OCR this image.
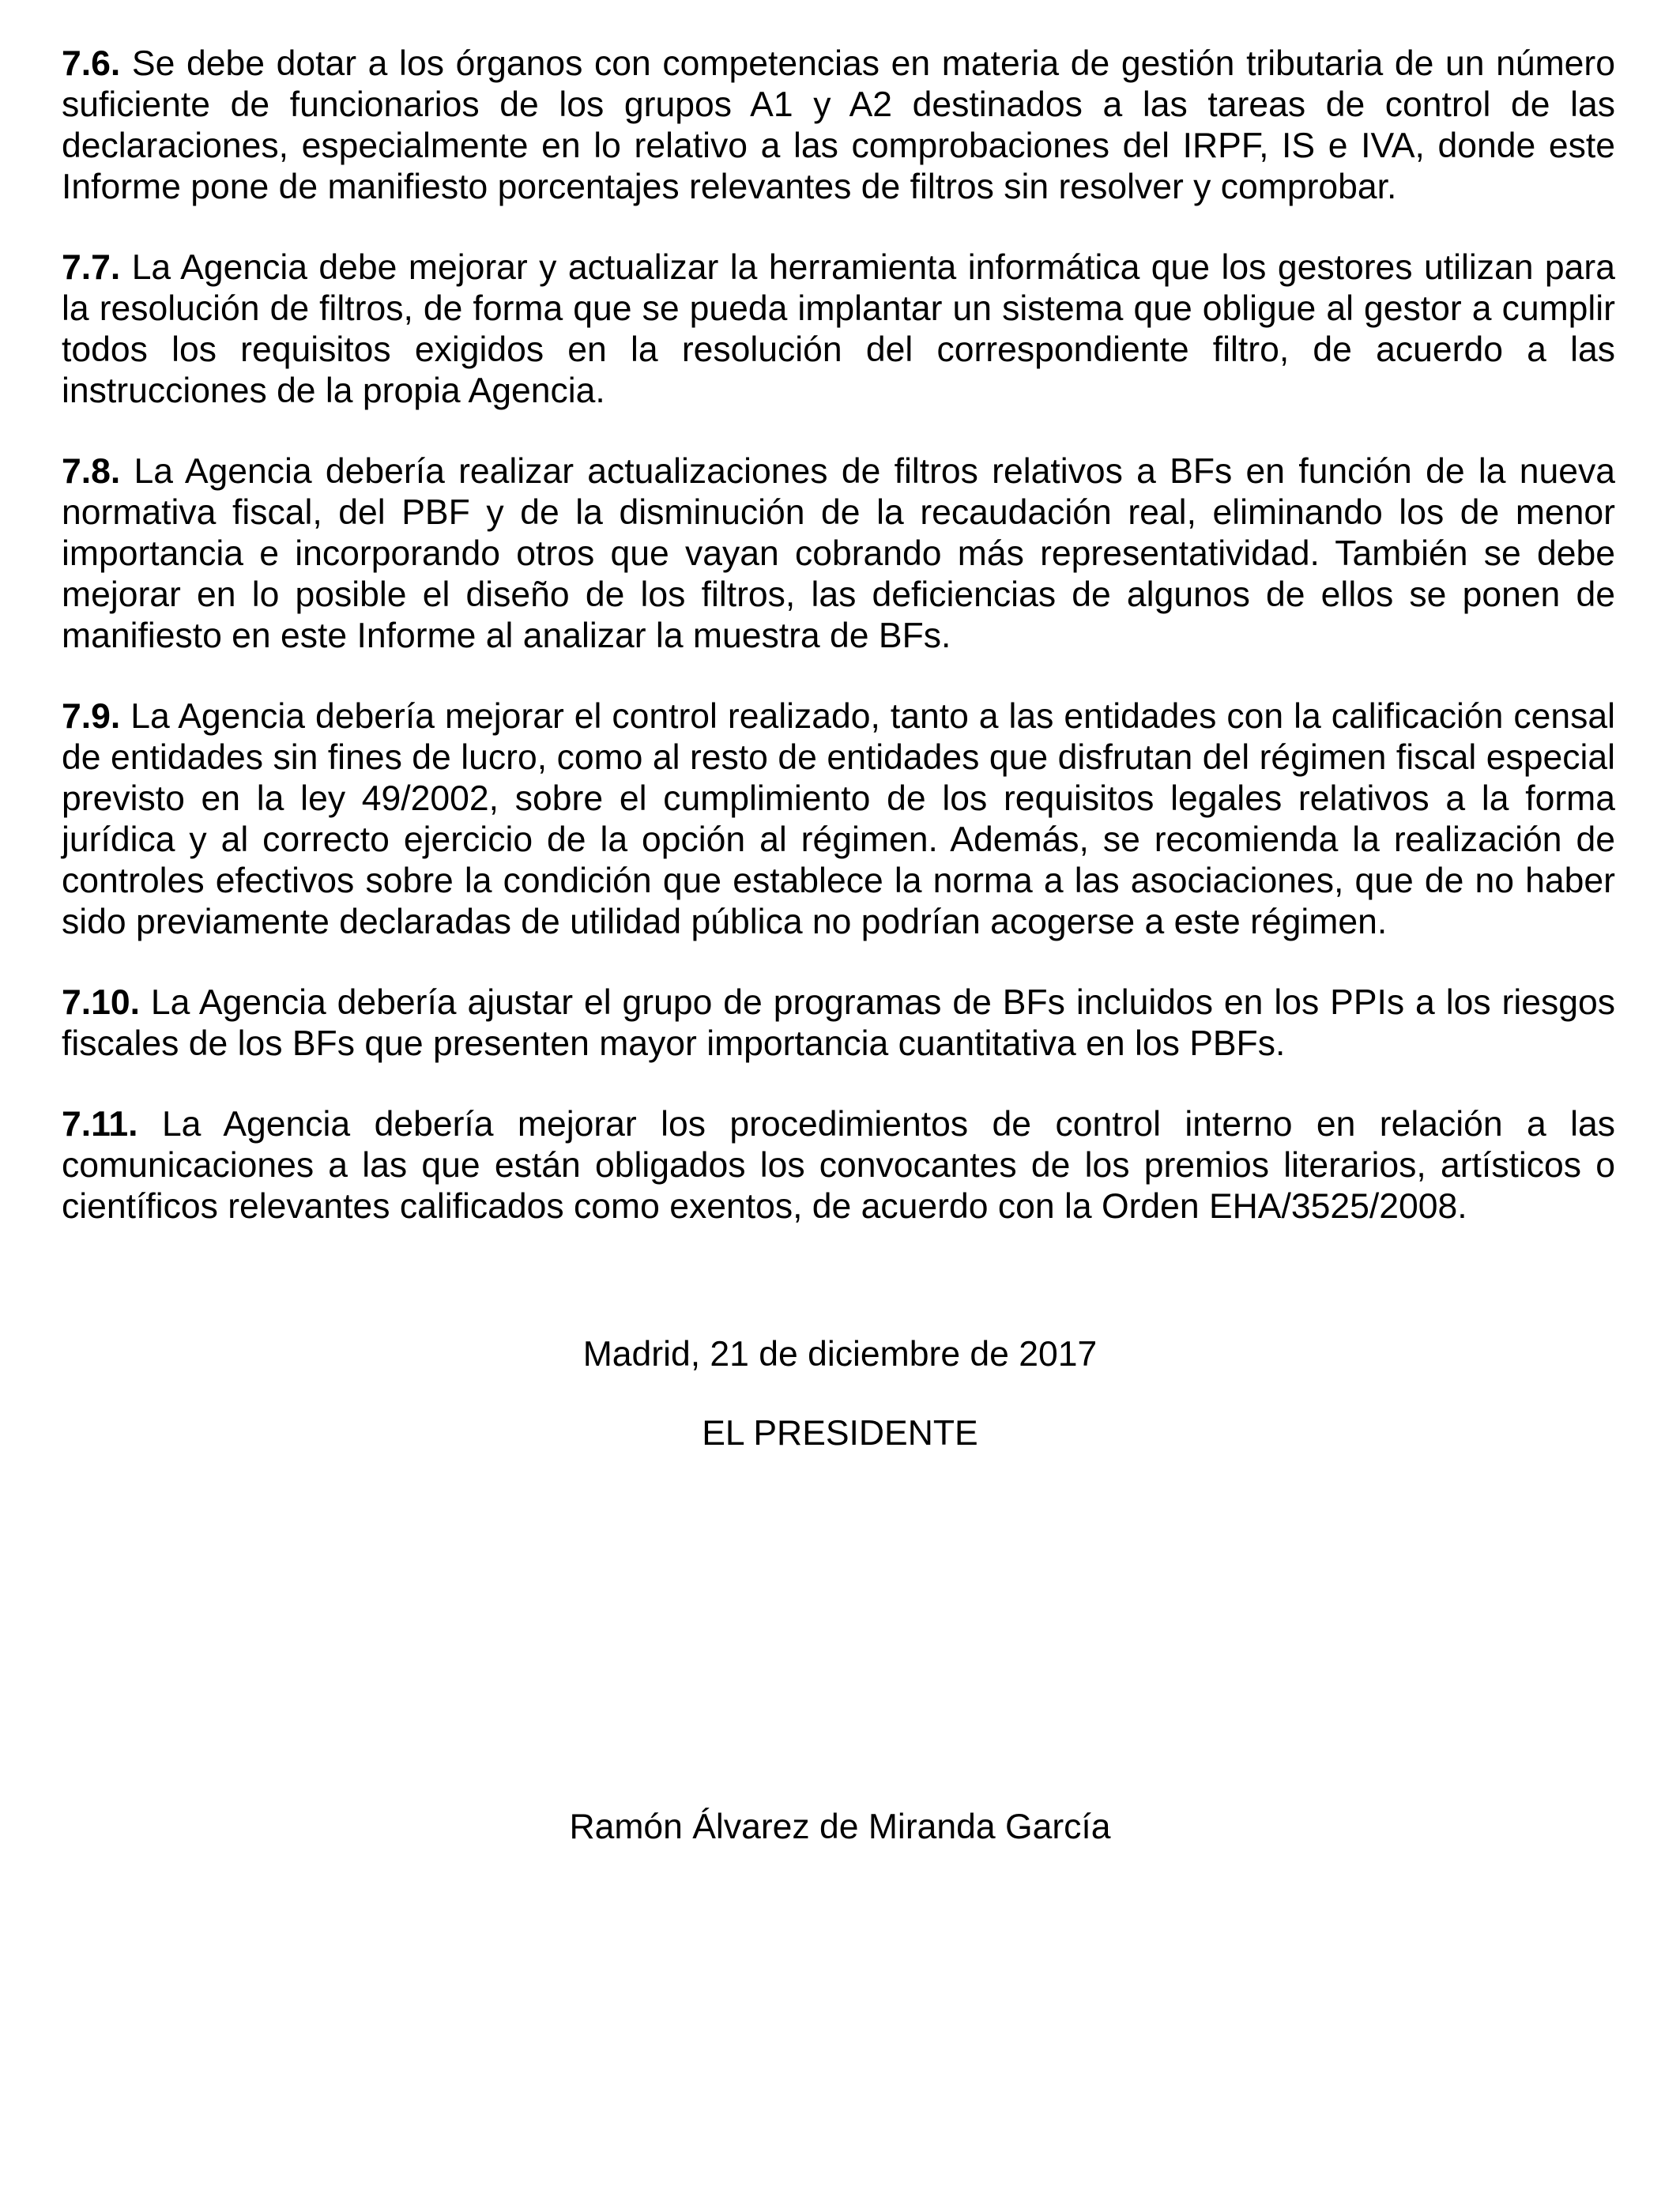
7.6. Se debe dotar a los órganos con competencias en materia de gestión tributaria de un número suficiente de funcionarios de los grupos A1 y A2 destinados a las tareas de control de las declaraciones, especialmente en lo relativo a las comprobaciones del IRPF, IS e IVA, donde este Informe pone de manifiesto porcentajes relevantes de filtros sin resolver y comprobar.

7.7. La Agencia debe mejorar y actualizar la herramienta informática que los gestores utilizan para la resolución de filtros, de forma que se pueda implantar un sistema que obligue al gestor a cumplir todos los requisitos exigidos en la resolución del correspondiente filtro, de acuerdo a las instrucciones de la propia Agencia.

7.8. La Agencia debería realizar actualizaciones de filtros relativos a BFs en función de la nueva normativa fiscal, del PBF y de la disminución de la recaudación real, eliminando los de menor importancia e incorporando otros que vayan cobrando más representatividad. También se debe mejorar en lo posible el diseño de los filtros, las deficiencias de algunos de ellos se ponen de manifiesto en este Informe al analizar la muestra de BFs.

7.9. La Agencia debería mejorar el control realizado, tanto a las entidades con la calificación censal de entidades sin fines de lucro, como al resto de entidades que disfrutan del régimen fiscal especial previsto en la ley 49/2002, sobre el cumplimiento de los requisitos legales relativos a la forma jurídica y al correcto ejercicio de la opción al régimen. Además, se recomienda la realización de controles efectivos sobre la condición que establece la norma a las asociaciones, que de no haber sido previamente declaradas de utilidad pública no podrían acogerse a este régimen.

7.10. La Agencia debería ajustar el grupo de programas de BFs incluidos en los PPIs a los riesgos fiscales de los BFs que presenten mayor importancia cuantitativa en los PBFs.

7.11. La Agencia debería mejorar los procedimientos de control interno en relación a las comunicaciones a las que están obligados los convocantes de los premios literarios, artísticos o científicos relevantes calificados como exentos, de acuerdo con la Orden EHA/3525/2008.

Madrid, 21 de diciembre de 2017
EL PRESIDENTE
Ramón Álvarez de Miranda García
